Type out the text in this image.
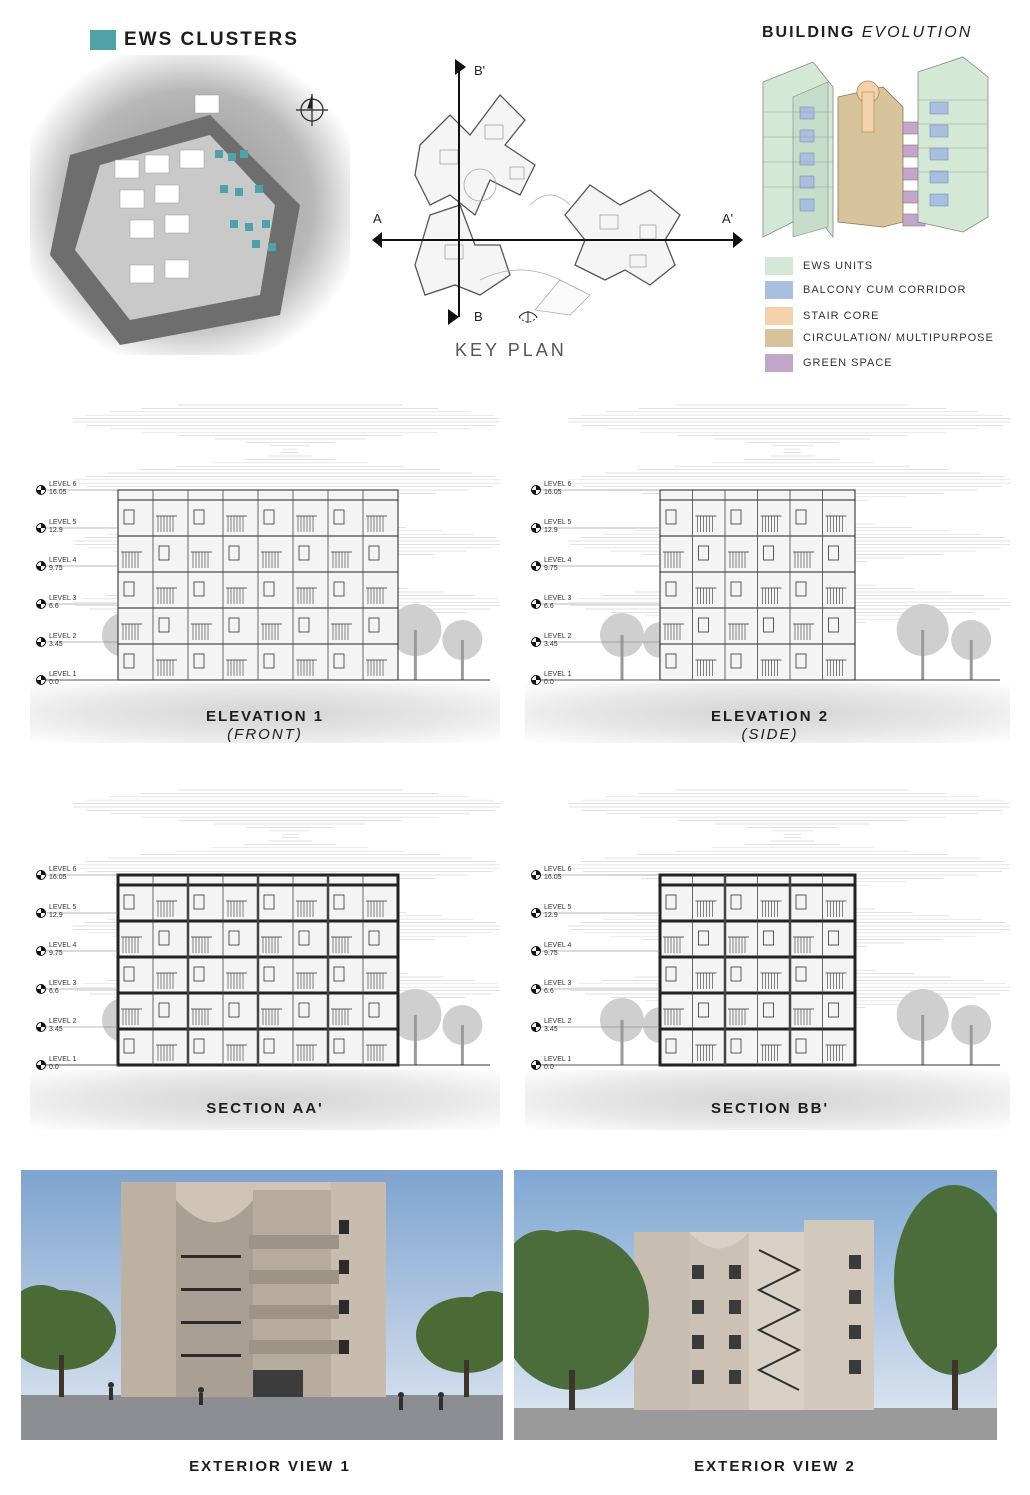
EWS CLUSTERS
A	A'
B'
B
KEY PLAN
BUILDING EVOLUTION
EWS UNITS
BALCONY CUM CORRIDOR
STAIR CORE
CIRCULATION/ MULTIPURPOSE
GREEN SPACE
LEVEL 6
16.05
LEVEL 5
12.9
LEVEL 4
9.75
LEVEL 3
6.6
LEVEL 2
3.45
LEVEL 1
0.0
LEVEL 6
16.05
LEVEL 5
12.9
LEVEL 4
9.75
LEVEL 3
6.6
LEVEL 2
3.45
LEVEL 1
0.0
LEVEL 6
16.05
LEVEL 5
12.9
LEVEL 4
9.75
LEVEL 3
6.6
LEVEL 2
3.45
LEVEL 1
0.0
LEVEL 6
16.05
LEVEL 5
12.9
LEVEL 4
9.75
LEVEL 3
6.6
LEVEL 2
3.45
LEVEL 1
0.0
ELEVATION 1
(FRONT)
ELEVATION 2
(SIDE)
SECTION AA'	SECTION BB'
EXTERIOR VIEW 1	EXTERIOR VIEW 2
